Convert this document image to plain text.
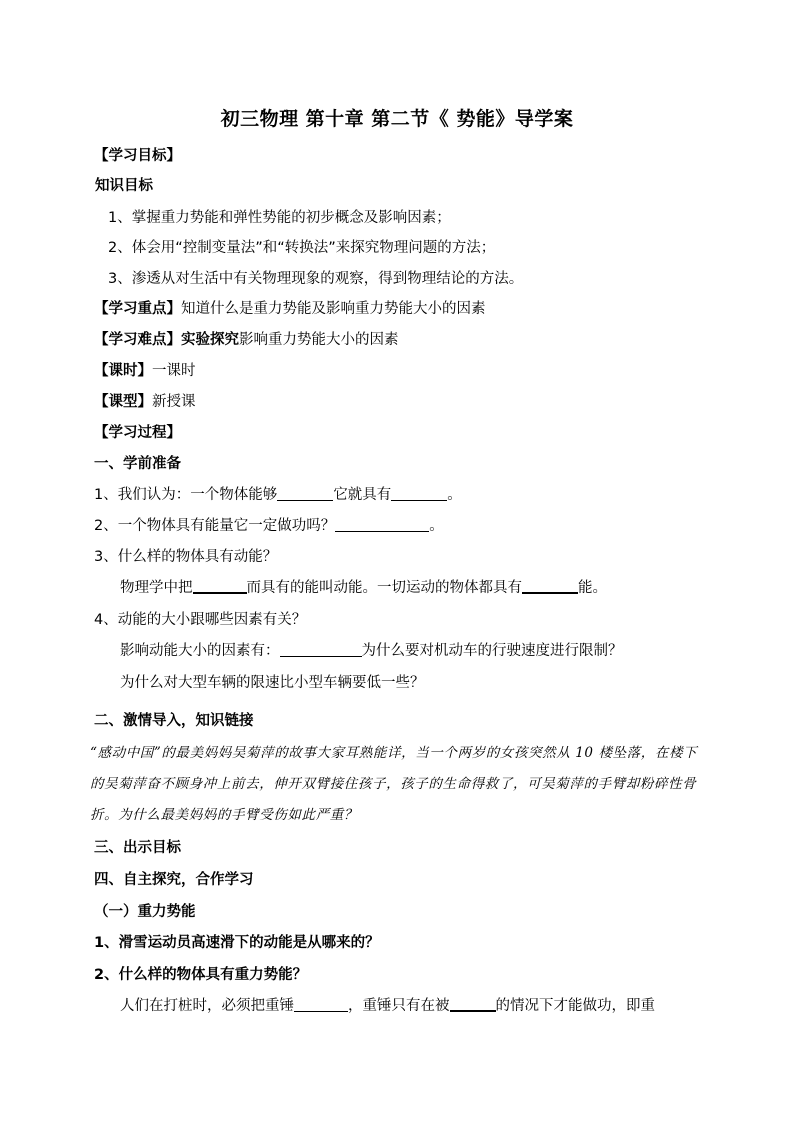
初三物理 第十章 第二节《 势能》导学案
【学习目标】
知识目标
1、掌握重力势能和弹性势能的初步概念及影响因素；
2、体会用“控制变量法”和“转换法”来探究物理问题的方法；
3、渗透从对生活中有关物理现象的观察，得到物理结论的方法。
【学习重点】知道什么是重力势能及影响重力势能大小的因素
【学习难点】实验探究影响重力势能大小的因素
【课时】一课时
【课型】新授课
【学习过程】
一、学前准备
1、我们认为：一个物体能够	它就具有	。
2、一个物体具有能量它一定做功吗？	。
3、什么样的物体具有动能？
物理学中把	而具有的能叫动能。一切运动的物体都具有	能。
4、动能的大小跟哪些因素有关？
影响动能大小的因素有：	为什么要对机动车的行驶速度进行限制？
为什么对大型车辆的限速比小型车辆要低一些？
二、激情导入，知识链接
“感动中国”的最美妈妈吴菊萍的故事大家耳熟能详，当一个两岁的女孩突然从 10 楼坠落，在楼下的吴菊萍奋不顾身冲上前去，伸开双臂接住孩子，孩子的生命得救了，可吴菊萍的手臂却粉碎性骨折。为什么最美妈妈的手臂受伤如此严重？
三、出示目标
四、自主探究，合作学习
（一）重力势能
1、滑雪运动员高速滑下的动能是从哪来的？
2、什么样的物体具有重力势能？
人们在打桩时，必须把重锤	，重锤只有在被	的情况下才能做功，即重
